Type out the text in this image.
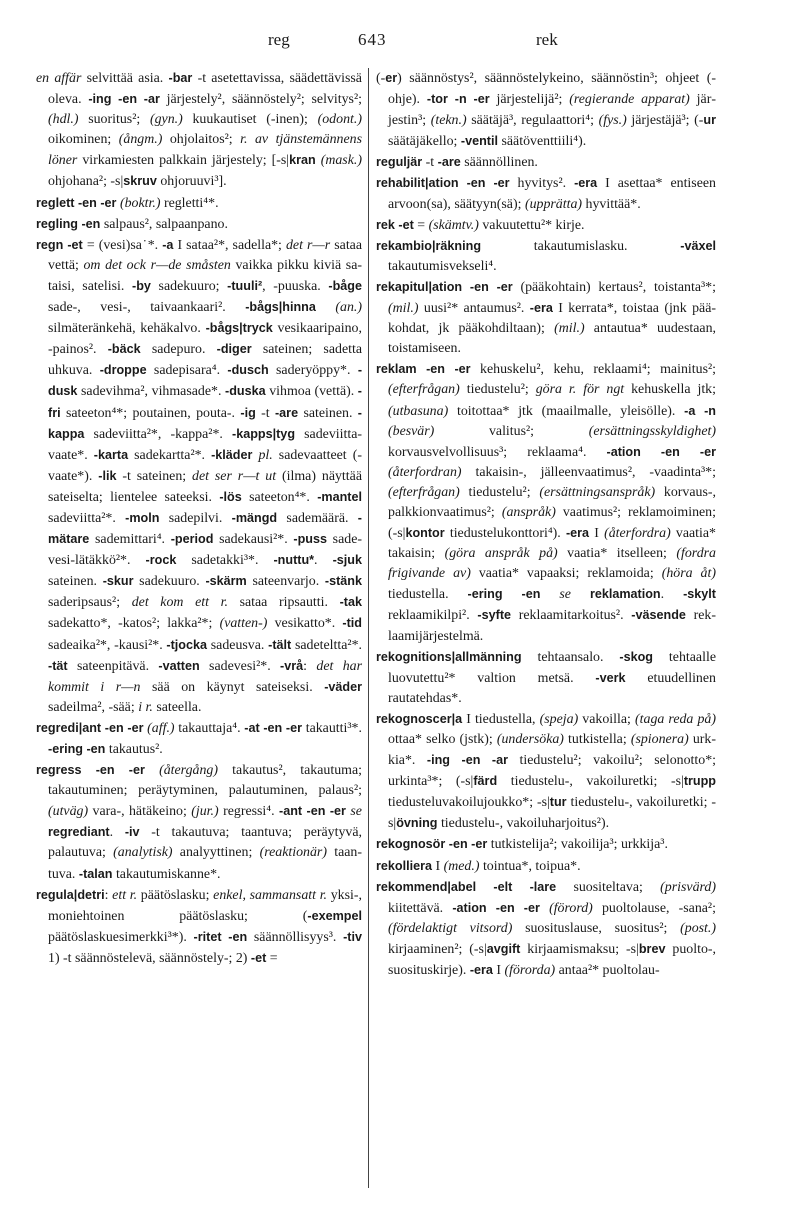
reg	643	rek

en affär selvittää asia. -bar -t asetettavissa, säädettävissä oleva. -ing -en -ar järjestely², säännöstely²; selvitys²; (hdl.) suoritus²; (gyn.) kuukautiset (-inen); (odont.) oikominen; (ångm.) ohjolaitos²; r. av tjänstemännens löner virkamiesten palkkain järjestely; [-s|kran (mask.) ohjohana²; -s|skruv ohjoruuvi³].

reglett -en -er (boktr.) regletti⁴*.

regling -en salpaus², salpaanpano.

regn -et = (vesi)sa˙*. -a I sataa²*, sadella*; det r—r sataa vettä; om det ock r—de småsten vaikka pikku kiviä sataisi, satelisi. -by sadekuuro; -tuuli², -puuska. -båge sade-, vesi-, taivaankaari². -bågs|hinna (an.) silmäteränkehä, kehäkalvo. -bågs|tryck vesikaaripaino, -painos². -bäck sadepuro. -diger sateinen; sadetta uhkuva. -droppe sadepisara⁴. -dusch saderyöppy*. -dusk sadevihma², vihmasade*. -duska vihmoa (vettä). -fri sateeton⁴*; poutainen, pouta-. -ig -t -are sateinen. -kappa sadeviitta²*, -kappa²*. -kapps|tyg sadeviitta-vaate*. -karta sadekartta²*. -kläder pl. sadevaatteet (-vaate*). -lik -t sateinen; det ser r—t ut (ilma) näyttää sateiselta; lientelee sateeksi. -lös sateeton⁴*. -mantel sadeviitta²*. -moln sadepilvi. -mängd sademäärä. -mätare sademittari⁴. -period sadekausi²*. -puss sadevesi-lätäkkö²*. -rock sadetakki³*. -nuttu*. -sjuk sateinen. -skur sadekuuro. -skärm sateenvarjo. -stänk saderipsaus²; det kom ett r. sataa ripsautti. -tak sadekatto*, -katos²; lakka²*; (vatten-) vesikatto*. -tid sadeaika²*, -kausi²*. -tjocka sadeusva. -tält sadeteltta²*. -tät sateenpitävä. -vatten sadevesi²*. -vrå: det har kommit i r—n sää on käynyt sateiseksi. -väder sadeilma², -sää; i r. sateella.

regredi|ant -en -er (aff.) takauttaja⁴. -at -en -er takautti³*. -ering -en takautus².

regress -en -er (återgång) takautus², takautuma; takautuminen; peräytyminen, palautuminen, palaus²; (utväg) vara-, hätäkeino; (jur.) regressi⁴. -ant -en -er se regrediant. -iv -t takautuva; taantuva; peräytyvä, palautuva; (analytisk) analyyttinen; (reaktionär) taantuva. -talan takautumiskanne*.

regula|detri: ett r. päätöslasku; enkel, sammansatt r. yksi-, moniehtoinen päätöslasku; (-exempel päätöslaskuesimerkki³*). -ritet -en säännöllisyys³. -tiv 1) -t säännöstelevä, säännöstely-; 2) -et =

(-er) säännöstys², säännöstelykeino, säännöstin³; ohjeet (-ohje). -tor -n -er järjestelijä²; (regierande apparat) järjestin³; (tekn.) säätäjä³, regulaattori⁴; (fys.) järjestäjä³; (-ur säätäjäkello; -ventil säätöventtiili⁴).

reguljär -t -are säännöllinen.

rehabilit|ation -en -er hyvitys². -era I asettaa* entiseen arvoon(sa), säätyyn(sä); (upprätta) hyvittää*.

rek -et = (skämtv.) vakuutettu²* kirje.

rekambio|räkning takautumislasku. -växel takautumisvekseli⁴.

rekapitul|ation -en -er (pääkohtain) kertaus², toistanta³*; (mil.) uusi²* antaumus². -era I kerrata*, toistaa (jnk pääkohdat, jk pääkohdiltaan); (mil.) antautua* uudestaan, toistamiseen.

reklam -en -er kehuskelu², kehu, reklaami⁴; mainitus²; (efterfrågan) tiedustelu²; göra r. för ngt kehuskella jtk; (utbasuna) toitottaa* jtk (maailmalle, yleisölle). -a -n (besvär) valitus²; (ersättningsskyldighet) korvausvelvollisuus³; reklaama⁴. -ation -en -er (återfordran) takaisin-, jälleenvaatimus², -vaadinta³*; (efterfrågan) tiedustelu²; (ersättningsanspråk) korvaus-, palkkionvaatimus²; (anspråk) vaatimus²; reklamoiminen; (-s|kontor tiedustelukonttori⁴). -era I (återfordra) vaatia* takaisin; (göra anspråk på) vaatia* itselleen; (fordra frigivande av) vaatia* vapaaksi; reklamoida; (höra åt) tiedustella. -ering -en se reklamation. -skylt reklaamikilpi². -syfte reklaamitarkoitus². -väsende reklaamijärjestelmä.

rekognitions|allmänning tehtaansalo. -skog tehtaalle luovutettu²* valtion metsä. -verk etuudellinen rautatehdas*.

rekognoscer|a I tiedustella, (speja) vakoilla; (taga reda på) ottaa* selko (jstk); (undersöka) tutkistella; (spionera) urkkia*. -ing -en -ar tiedustelu²; vakoilu²; selonotto*; urkinta³*; (-s|färd tiedustelu-, vakoiluretki; -s|trupp tiedusteluvakoilujoukko*; -s|tur tiedustelu-, vakoiluretki; -s|övning tiedustelu-, vakoiluharjoitus²).

rekognosör -en -er tutkistelija²; vakoilija³; urkkija³.

rekolliera I (med.) tointua*, toipua*.

rekommend|abel -elt -lare suositeltava; (prisvärd) kiitettävä. -ation -en -er (förord) puoltolause, -sana²; (fördelaktigt vitsord) suosituslause, suositus²; (post.) kirjaaminen²; (-s|avgift kirjaamismaksu; -s|brev puolto-, suosituskirje). -era I (förorda) antaa²* puoltolau-
